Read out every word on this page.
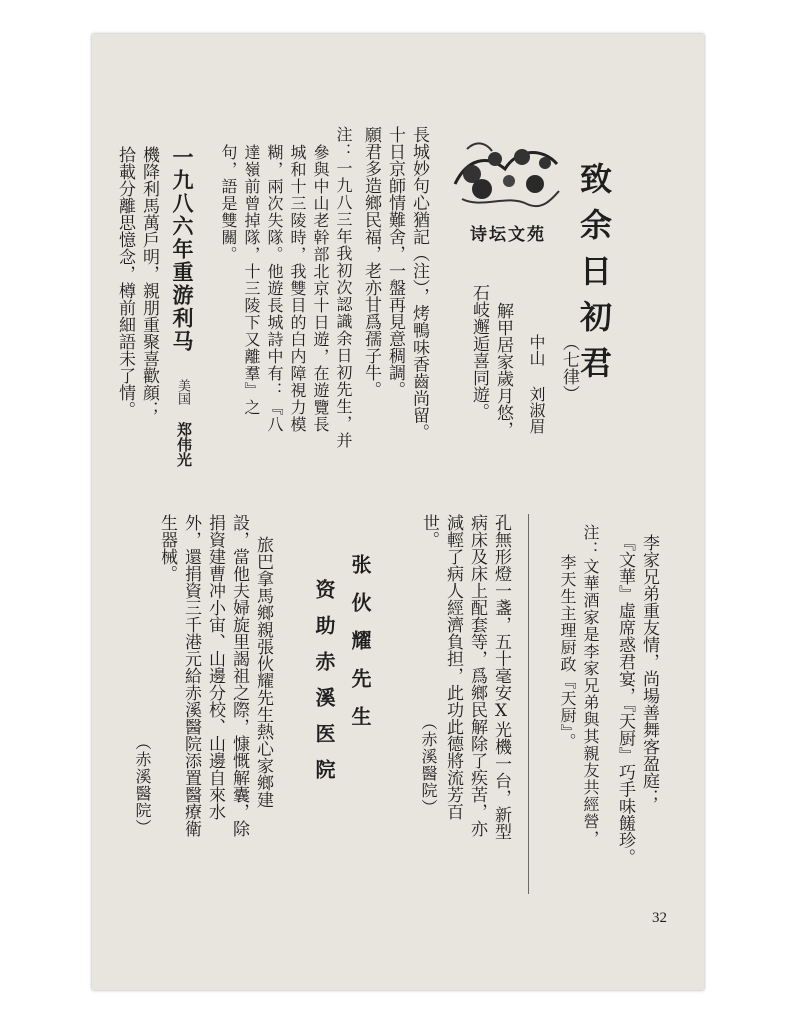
诗坛文苑 致余日初君
（七律）
中山
刘淑眉
解甲居家歲月悠，
石岐邂逅喜同遊。
長城妙句心猶記（注），烤鴨味香齒尚留。
十日京師情難舍，一盤再見意稠調。
願君多造鄉民福，老亦甘爲孺子牛。
注：一九八三年我初次認識余日初先生，并
參與中山老幹部北京十日遊，在遊覽長
城和十三陵時，我雙目的白内障視力模
糊，兩次失隊。他遊長城詩中有：『八
達嶺前曾掉隊，十三陵下又離羣』之
句，語是雙關。
一九八六年重游利马
美国
郑伟光
機降利馬萬戶明，親朋重聚喜歡顔；
拾載分離思憶念，樽前細語未了情。
李家兄弟重友情，尚場善舞客盈庭；
『文華』虛席惑君宴，『天厨』巧手味饈珍。
注：文華酒家是李家兄弟與其親友共經營，
李天生主理厨政『天厨』。
孔無形燈一盞，五十毫安X光機一台，新型
病床及床上配套等，爲鄉民解除了疾苦，亦
減輕了病人經濟負担，此功此德將流芳百
世。
（赤溪醫院）
张伙耀先生
资助赤溪医院
旅巴拿馬鄉親張伙耀先生熱心家鄉建
設，當他夫婦旋里謁祖之際，慷慨解囊，除
捐資建曹冲小宙、山邊分校、山邊自來水
外，還捐資三千港元給赤溪醫院添置醫療衛
生器械。
（赤溪醫院）
32
